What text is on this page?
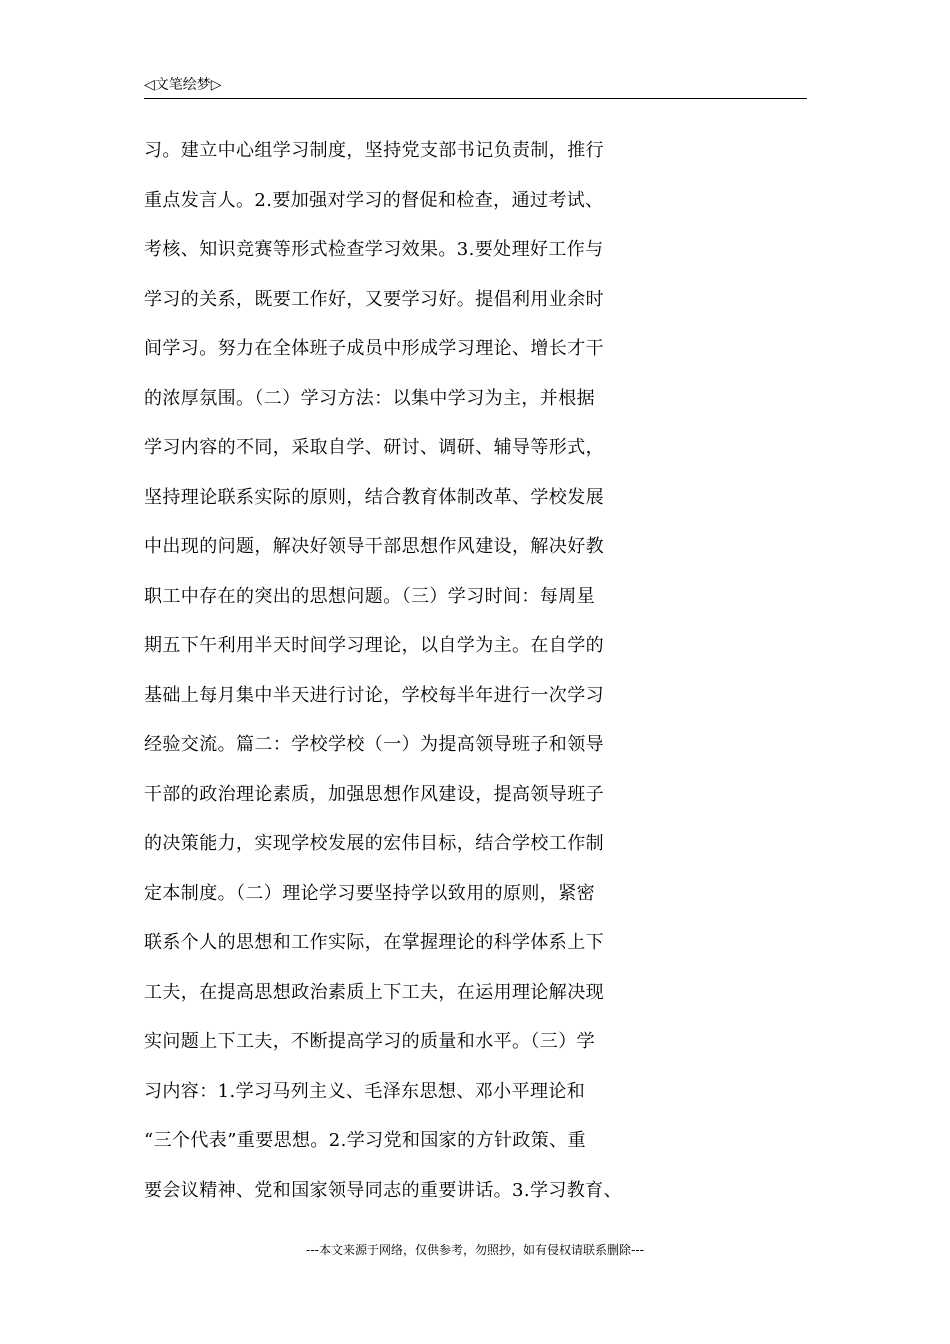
◁文笔绘梦▷
习。建立中心组学习制度，坚持党支部书记负责制，推行
重点发言人。2.要加强对学习的督促和检查，通过考试、
考核、知识竞赛等形式检查学习效果。3.要处理好工作与
学习的关系，既要工作好，又要学习好。提倡利用业余时
间学习。努力在全体班子成员中形成学习理论、增长才干
的浓厚氛围。（二）学习方法：以集中学习为主，并根据
学习内容的不同，采取自学、研讨、调研、辅导等形式，
坚持理论联系实际的原则，结合教育体制改革、学校发展
中出现的问题，解决好领导干部思想作风建设，解决好教
职工中存在的突出的思想问题。（三）学习时间：每周星
期五下午利用半天时间学习理论，以自学为主。在自学的
基础上每月集中半天进行讨论，学校每半年进行一次学习
经验交流。篇二：学校学校（一）为提高领导班子和领导
干部的政治理论素质，加强思想作风建设，提高领导班子
的决策能力，实现学校发展的宏伟目标，结合学校工作制
定本制度。（二）理论学习要坚持学以致用的原则，紧密
联系个人的思想和工作实际，在掌握理论的科学体系上下
工夫，在提高思想政治素质上下工夫，在运用理论解决现
实问题上下工夫，不断提高学习的质量和水平。（三）学
习内容：1.学习马列主义、毛泽东思想、邓小平理论和
“三个代表”重要思想。2.学习党和国家的方针政策、重
要会议精神、党和国家领导同志的重要讲话。3.学习教育、
---本文来源于网络，仅供参考，勿照抄，如有侵权请联系删除---
